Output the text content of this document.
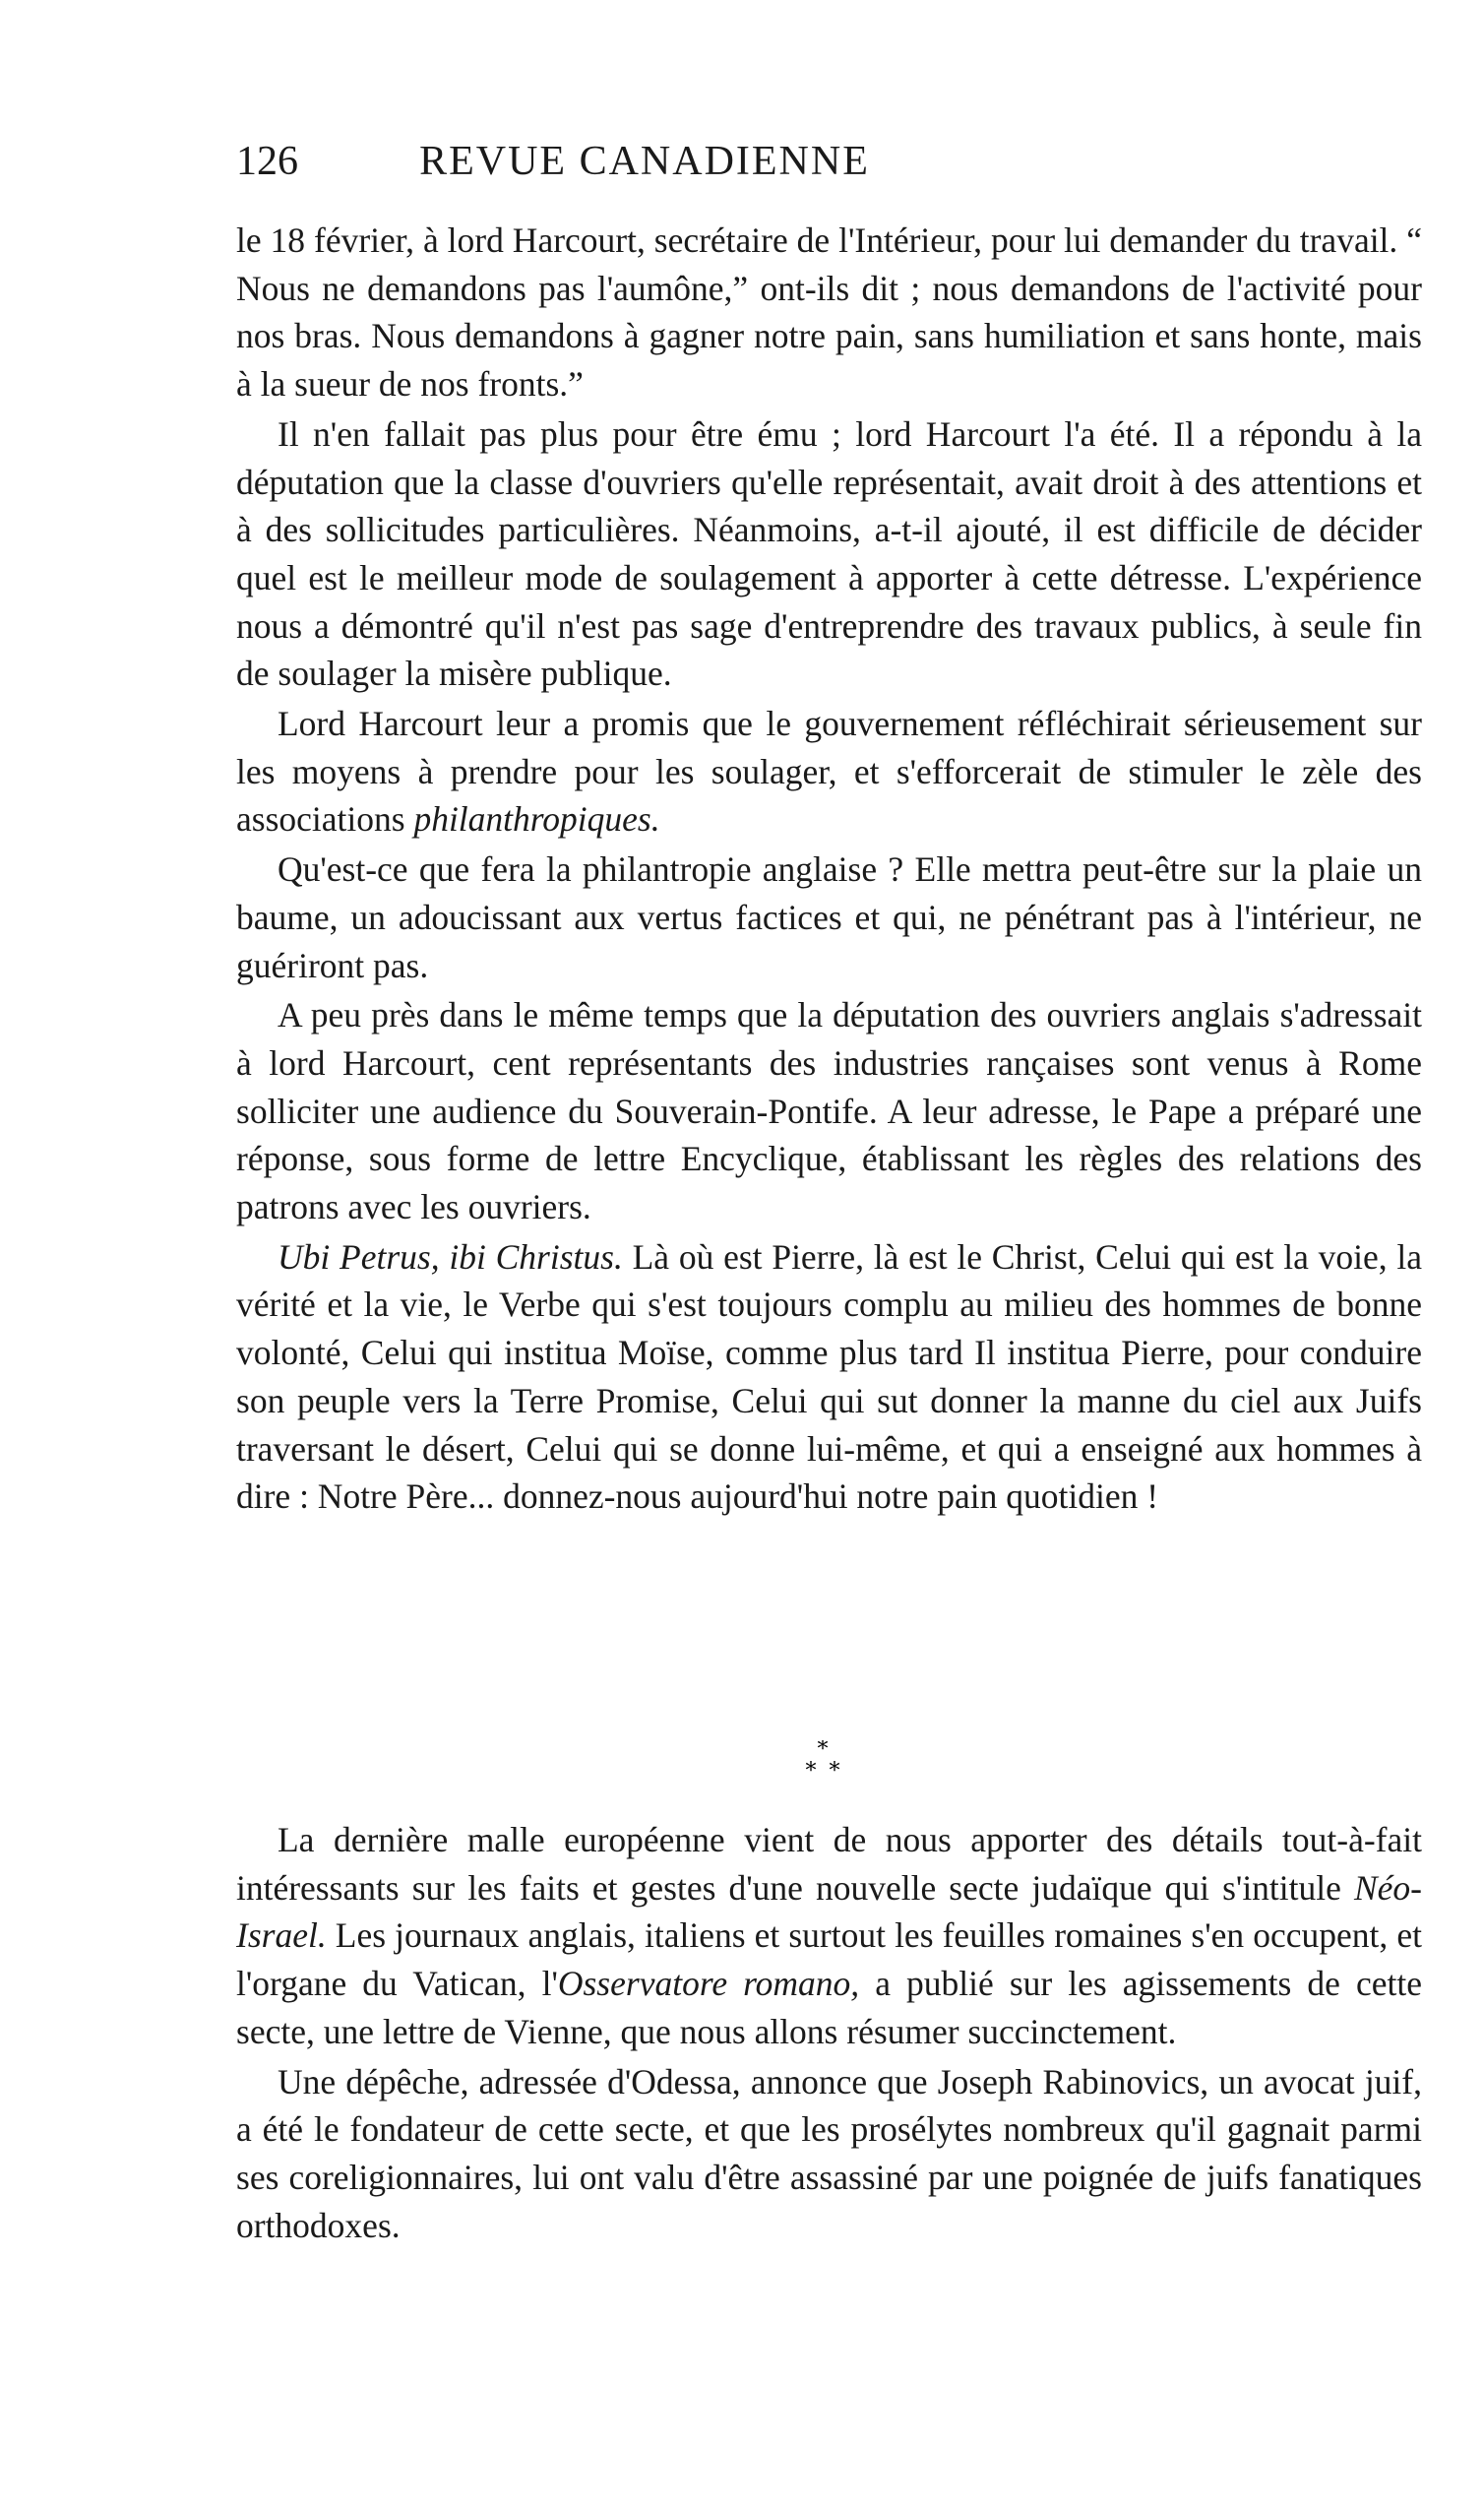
126	REVUE CANADIENNE

le 18 février, à lord Harcourt, secrétaire de l'Intérieur, pour lui demander du travail. “ Nous ne demandons pas l'aumône,” ont-ils dit ; nous demandons de l'activité pour nos bras. Nous demandons à gagner notre pain, sans humiliation et sans honte, mais à la sueur de nos fronts.”

Il n'en fallait pas plus pour être ému ; lord Harcourt l'a été. Il a répondu à la députation que la classe d'ouvriers qu'elle représentait, avait droit à des attentions et à des sollicitudes particulières. Néanmoins, a-t-il ajouté, il est difficile de décider quel est le meilleur mode de soulagement à apporter à cette détresse. L'expérience nous a démontré qu'il n'est pas sage d'entreprendre des travaux publics, à seule fin de soulager la misère publique.

Lord Harcourt leur a promis que le gouvernement réfléchirait sérieusement sur les moyens à prendre pour les soulager, et s'efforcerait de stimuler le zèle des associations philanthropiques.

Qu'est-ce que fera la philantropie anglaise ? Elle mettra peut-être sur la plaie un baume, un adoucissant aux vertus factices et qui, ne pénétrant pas à l'intérieur, ne guériront pas.

A peu près dans le même temps que la députation des ouvriers anglais s'adressait à lord Harcourt, cent représentants des industries rançaises sont venus à Rome solliciter une audience du Souverain-Pontife. A leur adresse, le Pape a préparé une réponse, sous forme de lettre Encyclique, établissant les règles des relations des patrons avec les ouvriers.

Ubi Petrus, ibi Christus. Là où est Pierre, là est le Christ, Celui qui est la voie, la vérité et la vie, le Verbe qui s'est toujours complu au milieu des hommes de bonne volonté, Celui qui institua Moïse, comme plus tard Il institua Pierre, pour conduire son peuple vers la Terre Promise, Celui qui sut donner la manne du ciel aux Juifs traversant le désert, Celui qui se donne lui-même, et qui a enseigné aux hommes à dire : Notre Père... donnez-nous aujourd'hui notre pain quotidien !

*
* *

La dernière malle européenne vient de nous apporter des détails tout-à-fait intéressants sur les faits et gestes d'une nouvelle secte judaïque qui s'intitule Néo-Israel. Les journaux anglais, italiens et surtout les feuilles romaines s'en occupent, et l'organe du Vatican, l'Osservatore romano, a publié sur les agissements de cette secte, une lettre de Vienne, que nous allons résumer succinctement.

Une dépêche, adressée d'Odessa, annonce que Joseph Rabinovics, un avocat juif, a été le fondateur de cette secte, et que les prosélytes nombreux qu'il gagnait parmi ses coreligionnaires, lui ont valu d'être assassiné par une poignée de juifs fanatiques orthodoxes.
